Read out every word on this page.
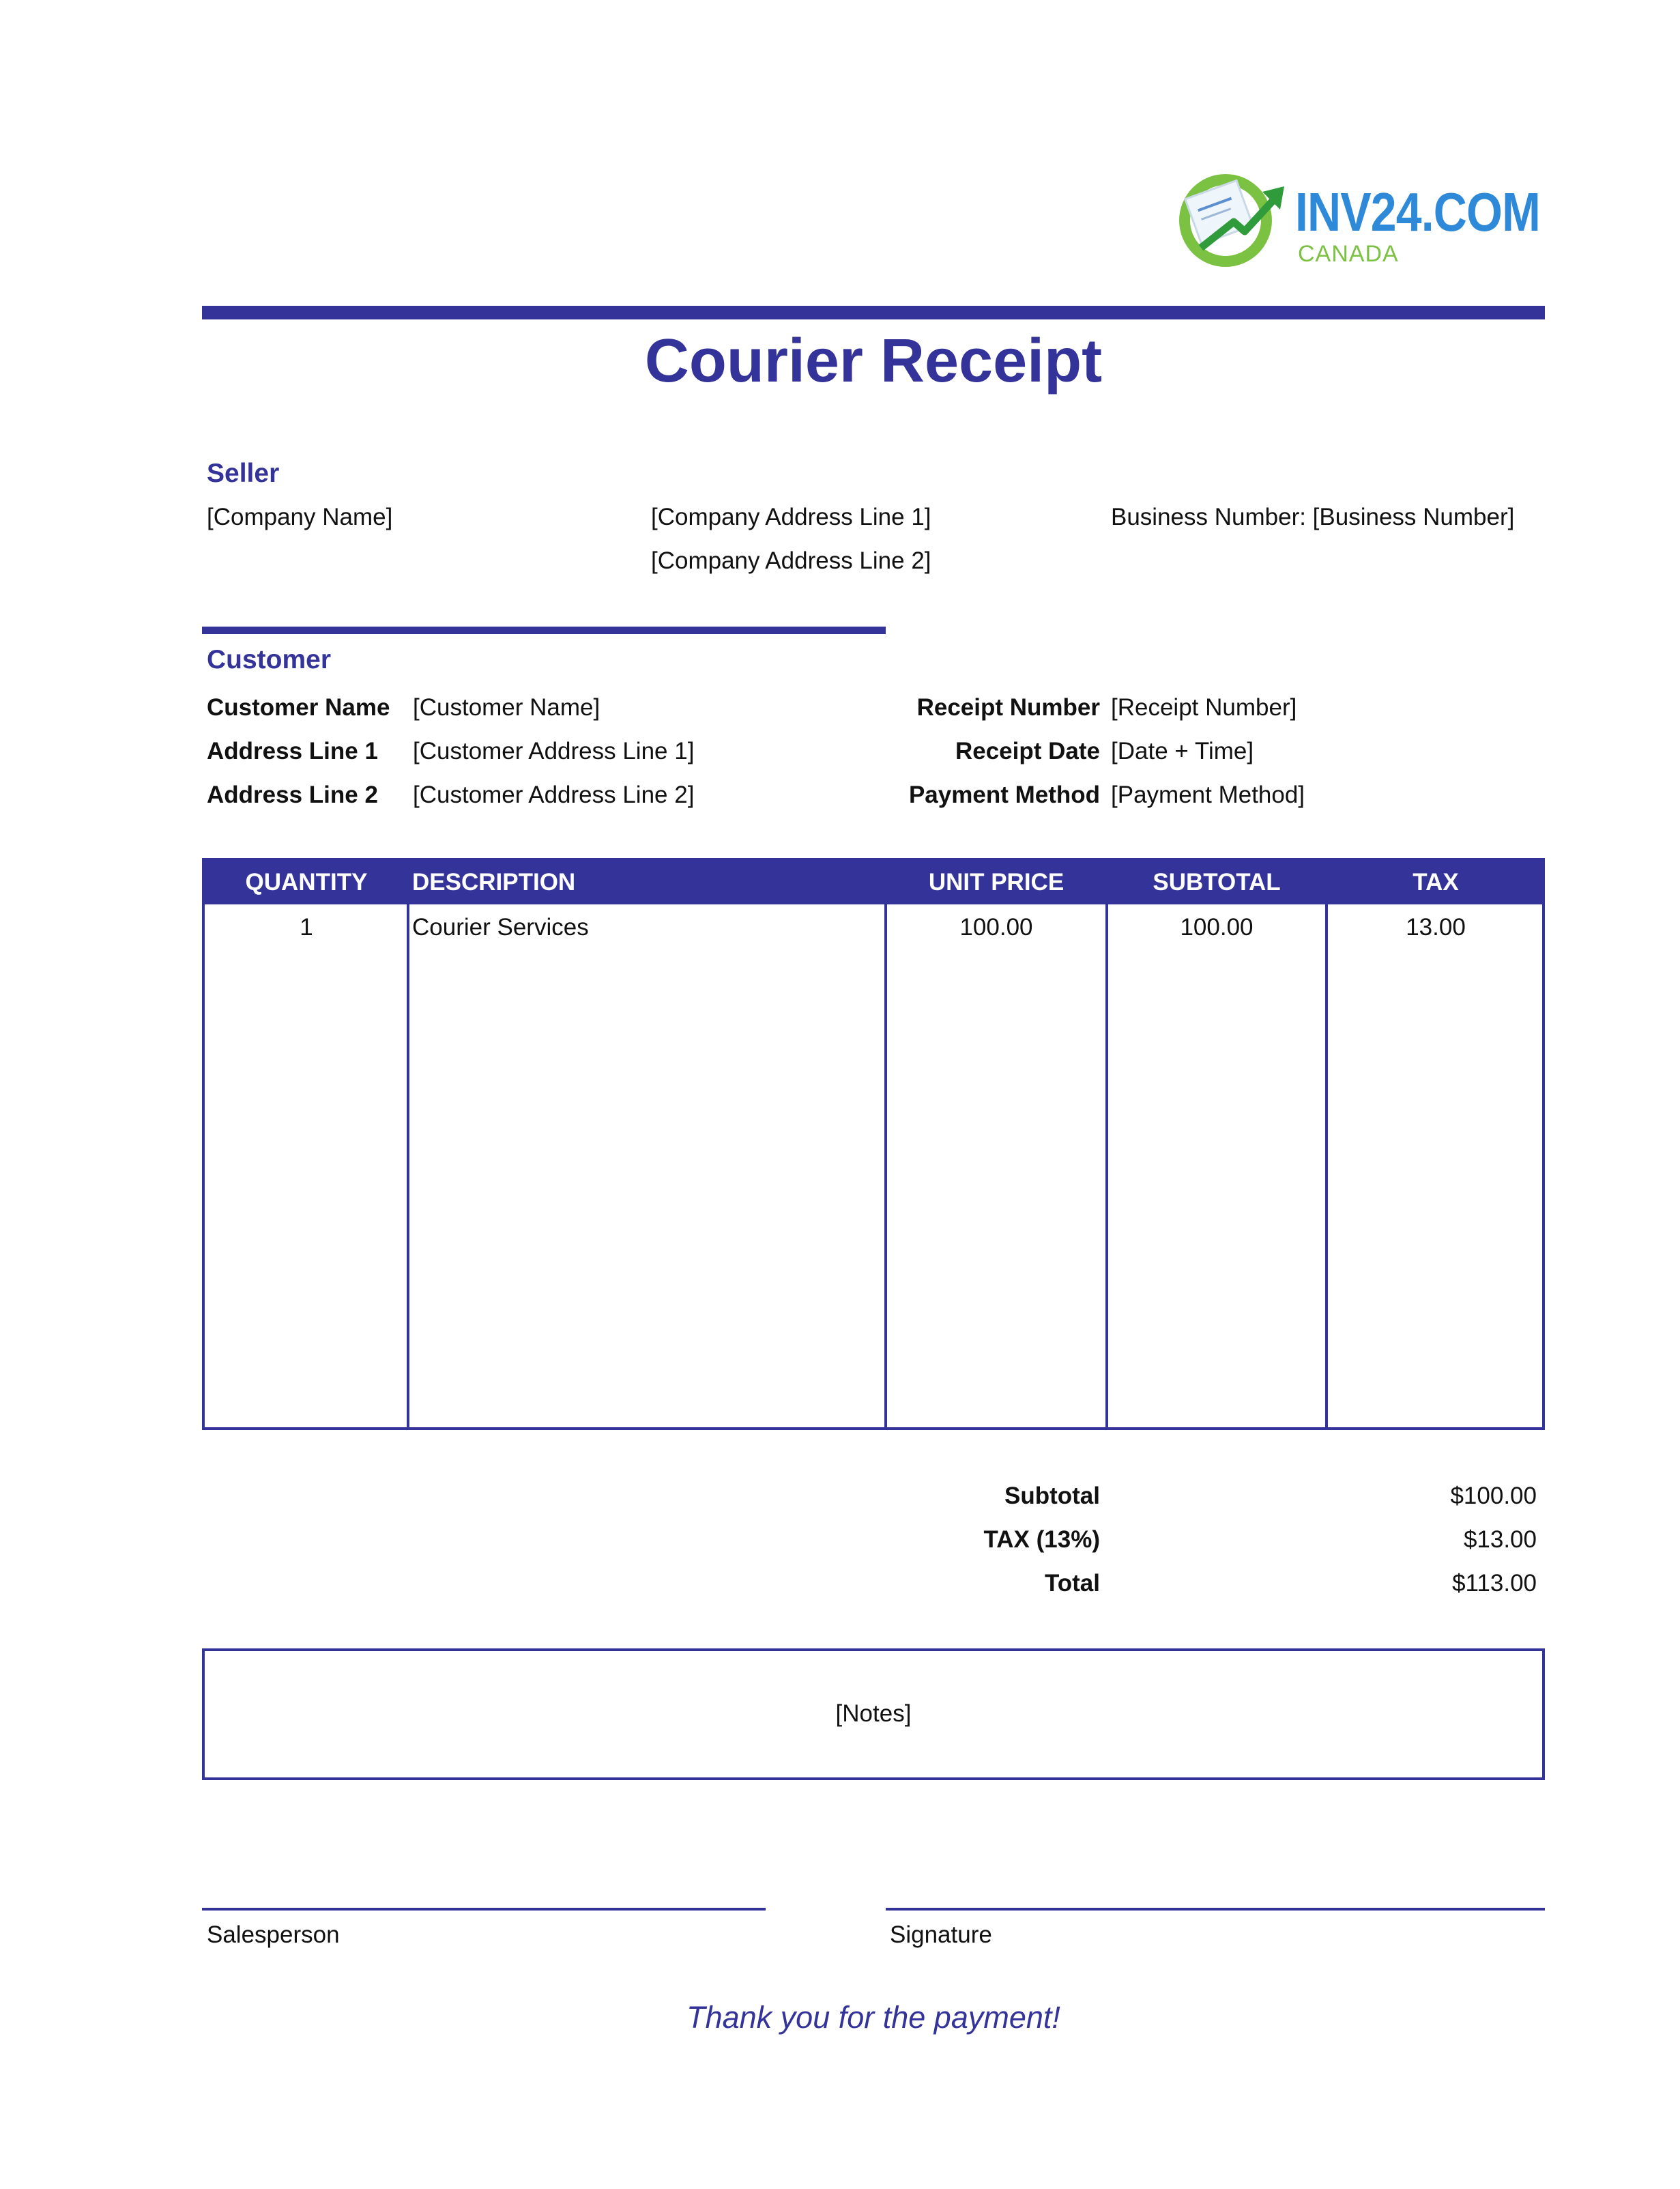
INV24.COM
CANADA
Courier Receipt
Seller
[Company Name]	[Company Address Line 1]
[Company Address Line 2]
Business Number: [Business Number]
Customer
Customer Name [Customer Name]
Address Line 1 [Customer Address Line 1]
Address Line 2 [Customer Address Line 2]
Receipt Number [Receipt Number]
Receipt Date [Date + Time]
Payment Method [Payment Method]
QUANTITY	DESCRIPTION	UNIT PRICE	SUBTOTAL	TAX
1	Courier Services	100.00	100.00	13.00
Subtotal	$100.00
TAX (13%)	$13.00
Total	$113.00
[Notes]
Salesperson	Signature
Thank you for the payment!
